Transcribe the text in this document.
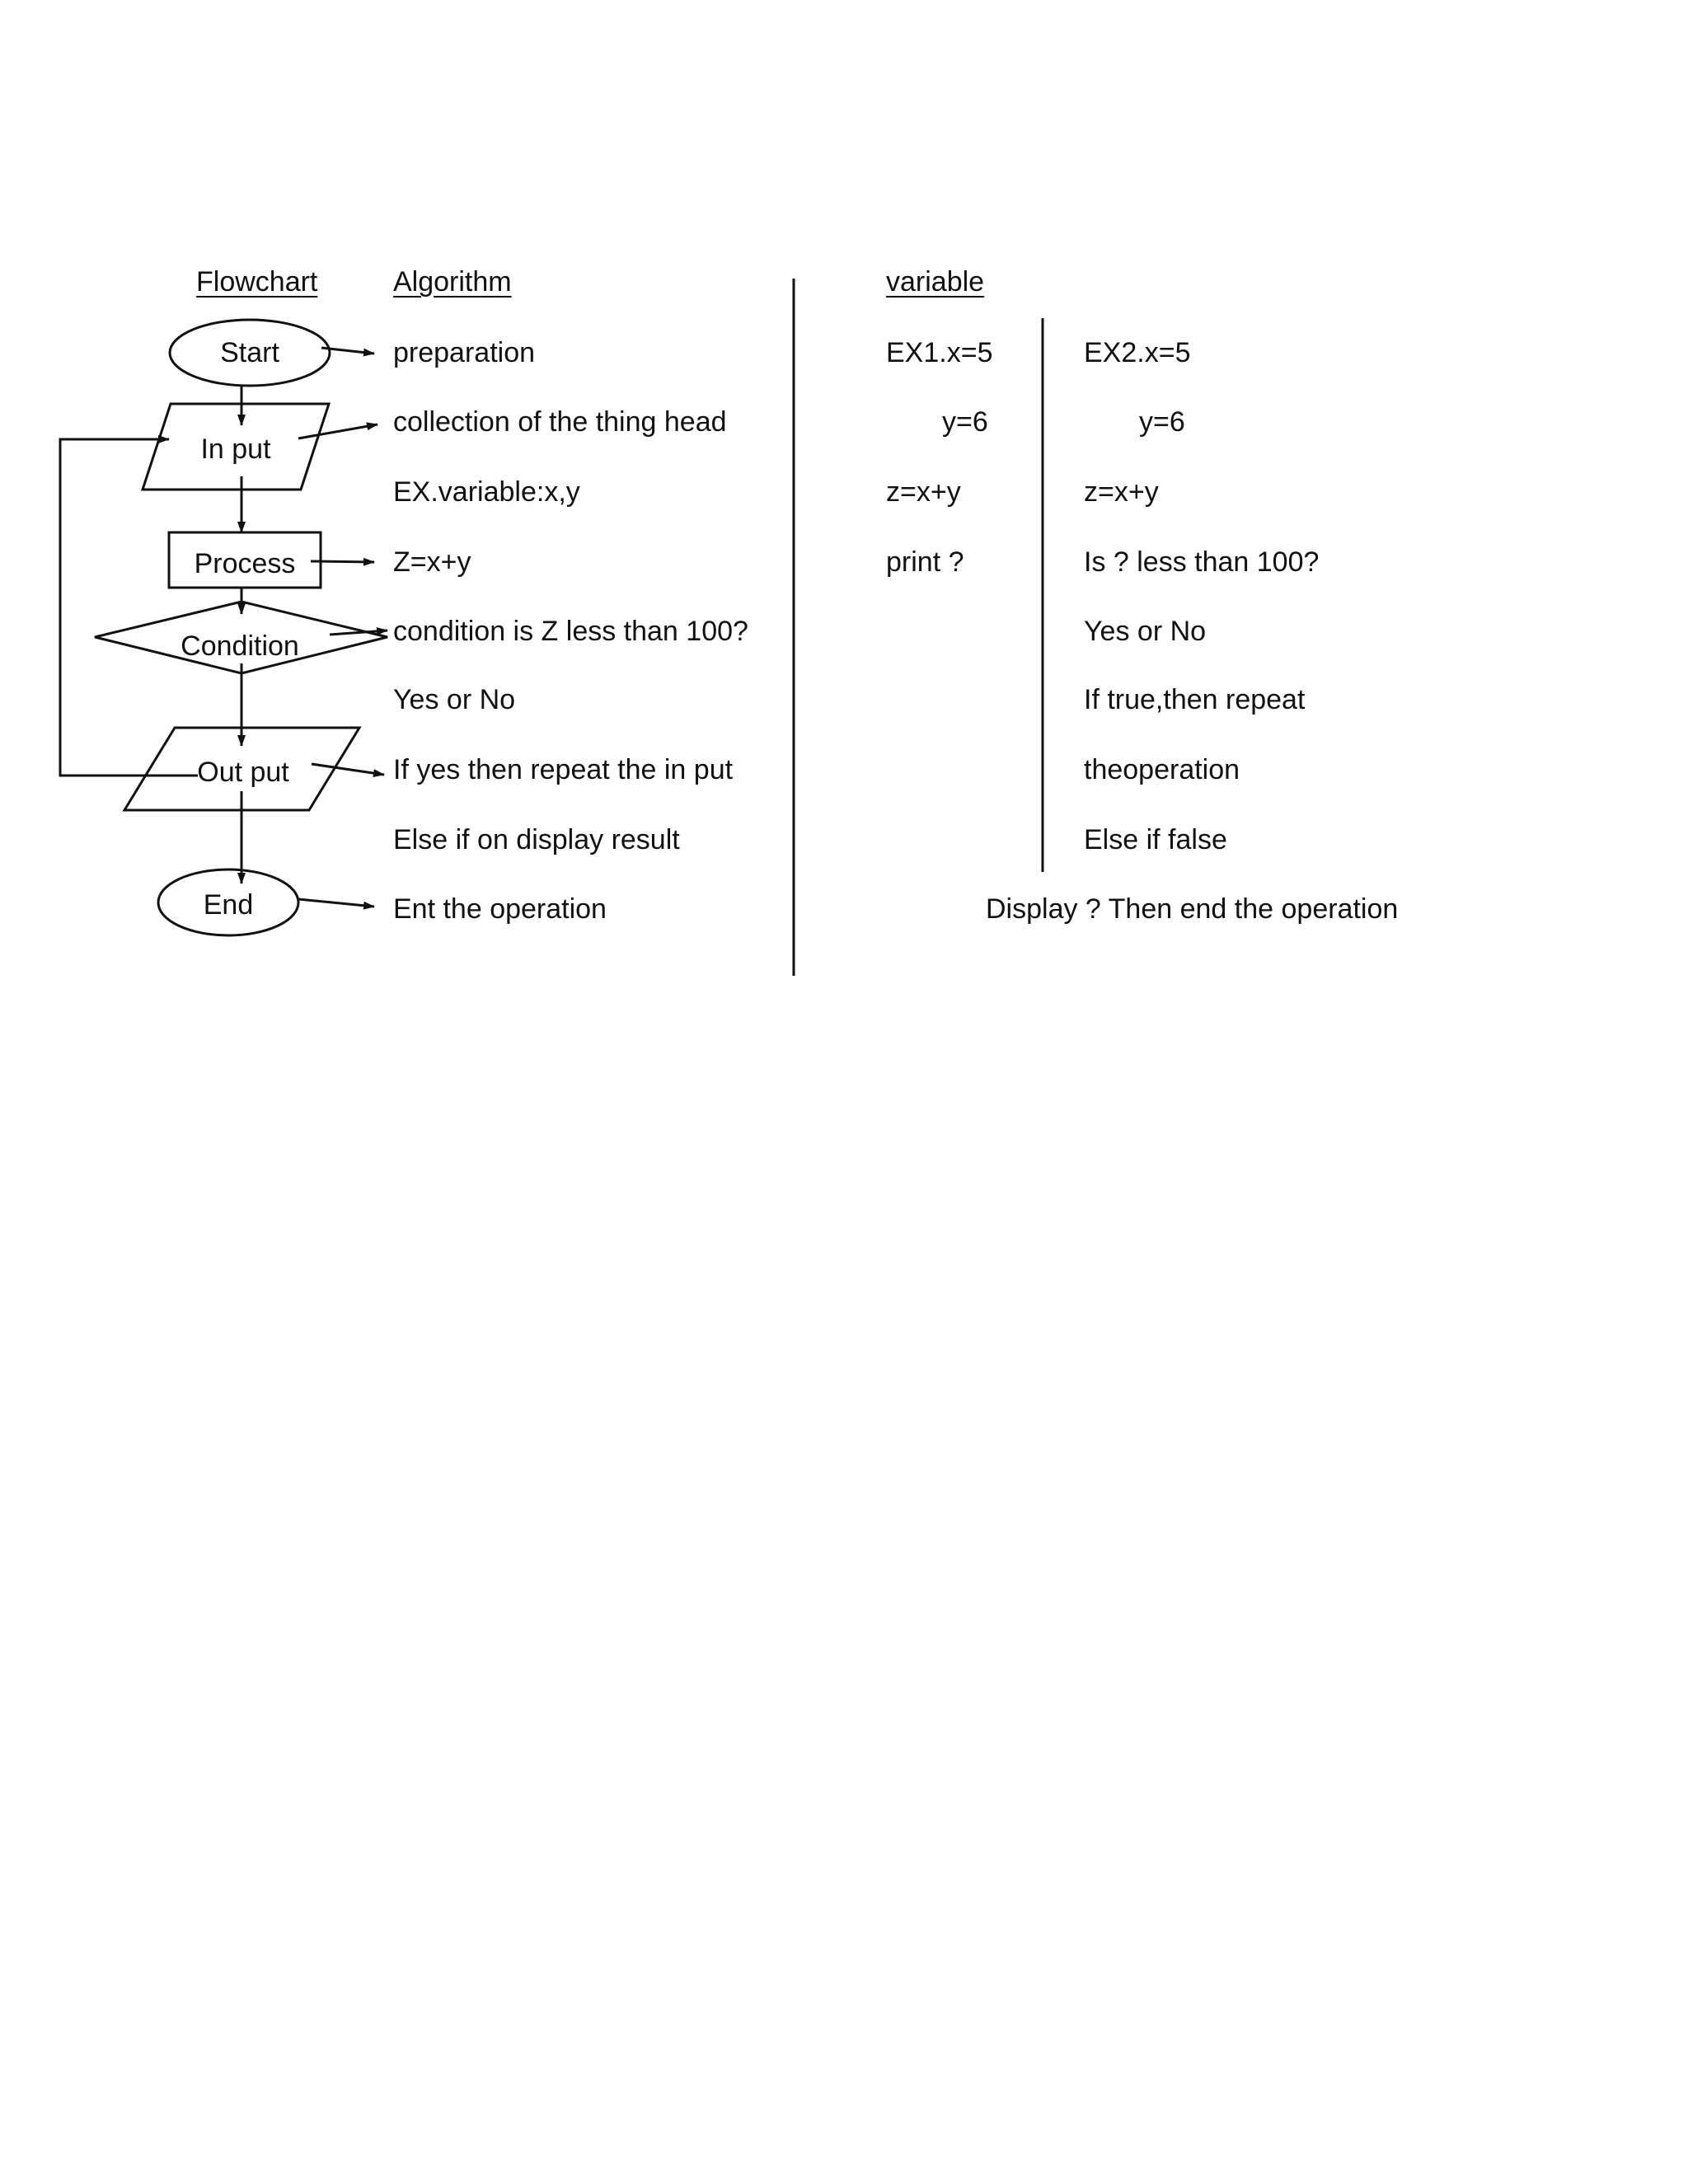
Start
In put
Process
Condition
Out put
End
Flowchart	Algorithm	variable
preparation
collection of the thing head
EX.variable:x,y
Z=x+y
condition is Z less than 100?
Yes or No
If yes then repeat the in put
Else if on display result
Ent the operation
EX1.x=5
y=6
z=x+y
print ?
EX2.x=5
y=6
z=x+y
Is ? less than 100?
Yes or No
If true,then repeat
theoperation
Else if false
Display ? Then end the operation
